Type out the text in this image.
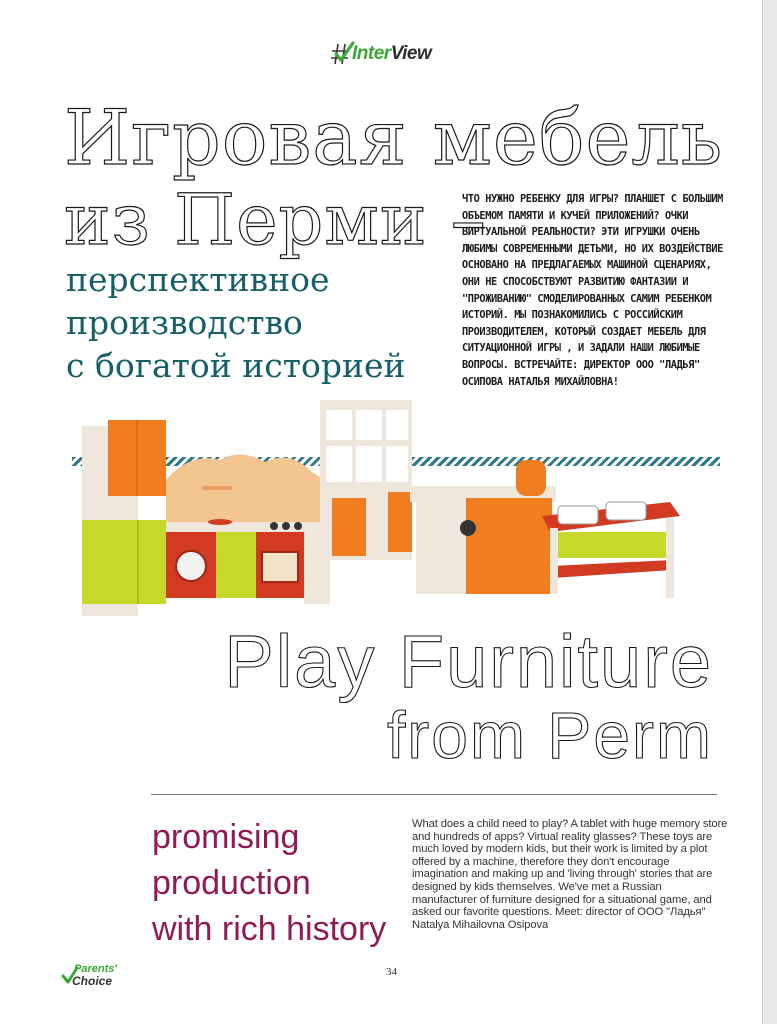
InterView
Игровая мебель
из Перми –
перспективное
производство
с богатой историей
ЧТО НУЖНО РЕБЕНКУ ДЛЯ ИГРЫ? ПЛАНШЕТ С БОЛЬШИМ ОБЪЕМОМ ПАМЯТИ И КУЧЕЙ ПРИЛОЖЕНИЙ? ОЧКИ ВИРТУАЛЬНОЙ РЕАЛЬНОСТИ? ЭТИ ИГРУШКИ ОЧЕНЬ ЛЮБИМЫ СОВРЕМЕННЫМИ ДЕТЬМИ, НО ИХ ВОЗДЕЙСТВИЕ ОСНОВАНО НА ПРЕДЛАГАЕМЫХ МАШИНОЙ СЦЕНАРИЯХ, ОНИ НЕ СПОСОБСТВУЮТ РАЗВИТИЮ ФАНТАЗИИ И "ПРОЖИВАНИЮ" СМОДЕЛИРОВАННЫХ САМИМ РЕБЕНКОМ ИСТОРИЙ. МЫ ПОЗНАКОМИЛИСЬ С РОССИЙСКИМ ПРОИЗВОДИТЕЛЕМ, КОТОРЫЙ СОЗДАЕТ МЕБЕЛЬ ДЛЯ СИТУАЦИОННОЙ ИГРЫ , И ЗАДАЛИ НАШИ ЛЮБИМЫЕ ВОПРОСЫ. ВСТРЕЧАЙТЕ: ДИРЕКТОР ООО "ЛАДЬЯ" ОСИПОВА НАТАЛЬЯ МИХАЙЛОВНА!
Play Furniture
from Perm
promising
production
with rich history
What does a child need to play? A tablet with huge memory store and hundreds of apps? Virtual reality glasses? These toys are much loved by modern kids, but their work is limited by a plot offered by a machine, therefore they don't encourage imagination and making up and 'living through' stories that are designed by kids themselves. We've met a Russian manufacturer of furniture designed for a situational game, and asked our favorite questions. Meet: director of OOO "Ладья" Natalya Mihailovna Osipova
Parents'
Choice
34
